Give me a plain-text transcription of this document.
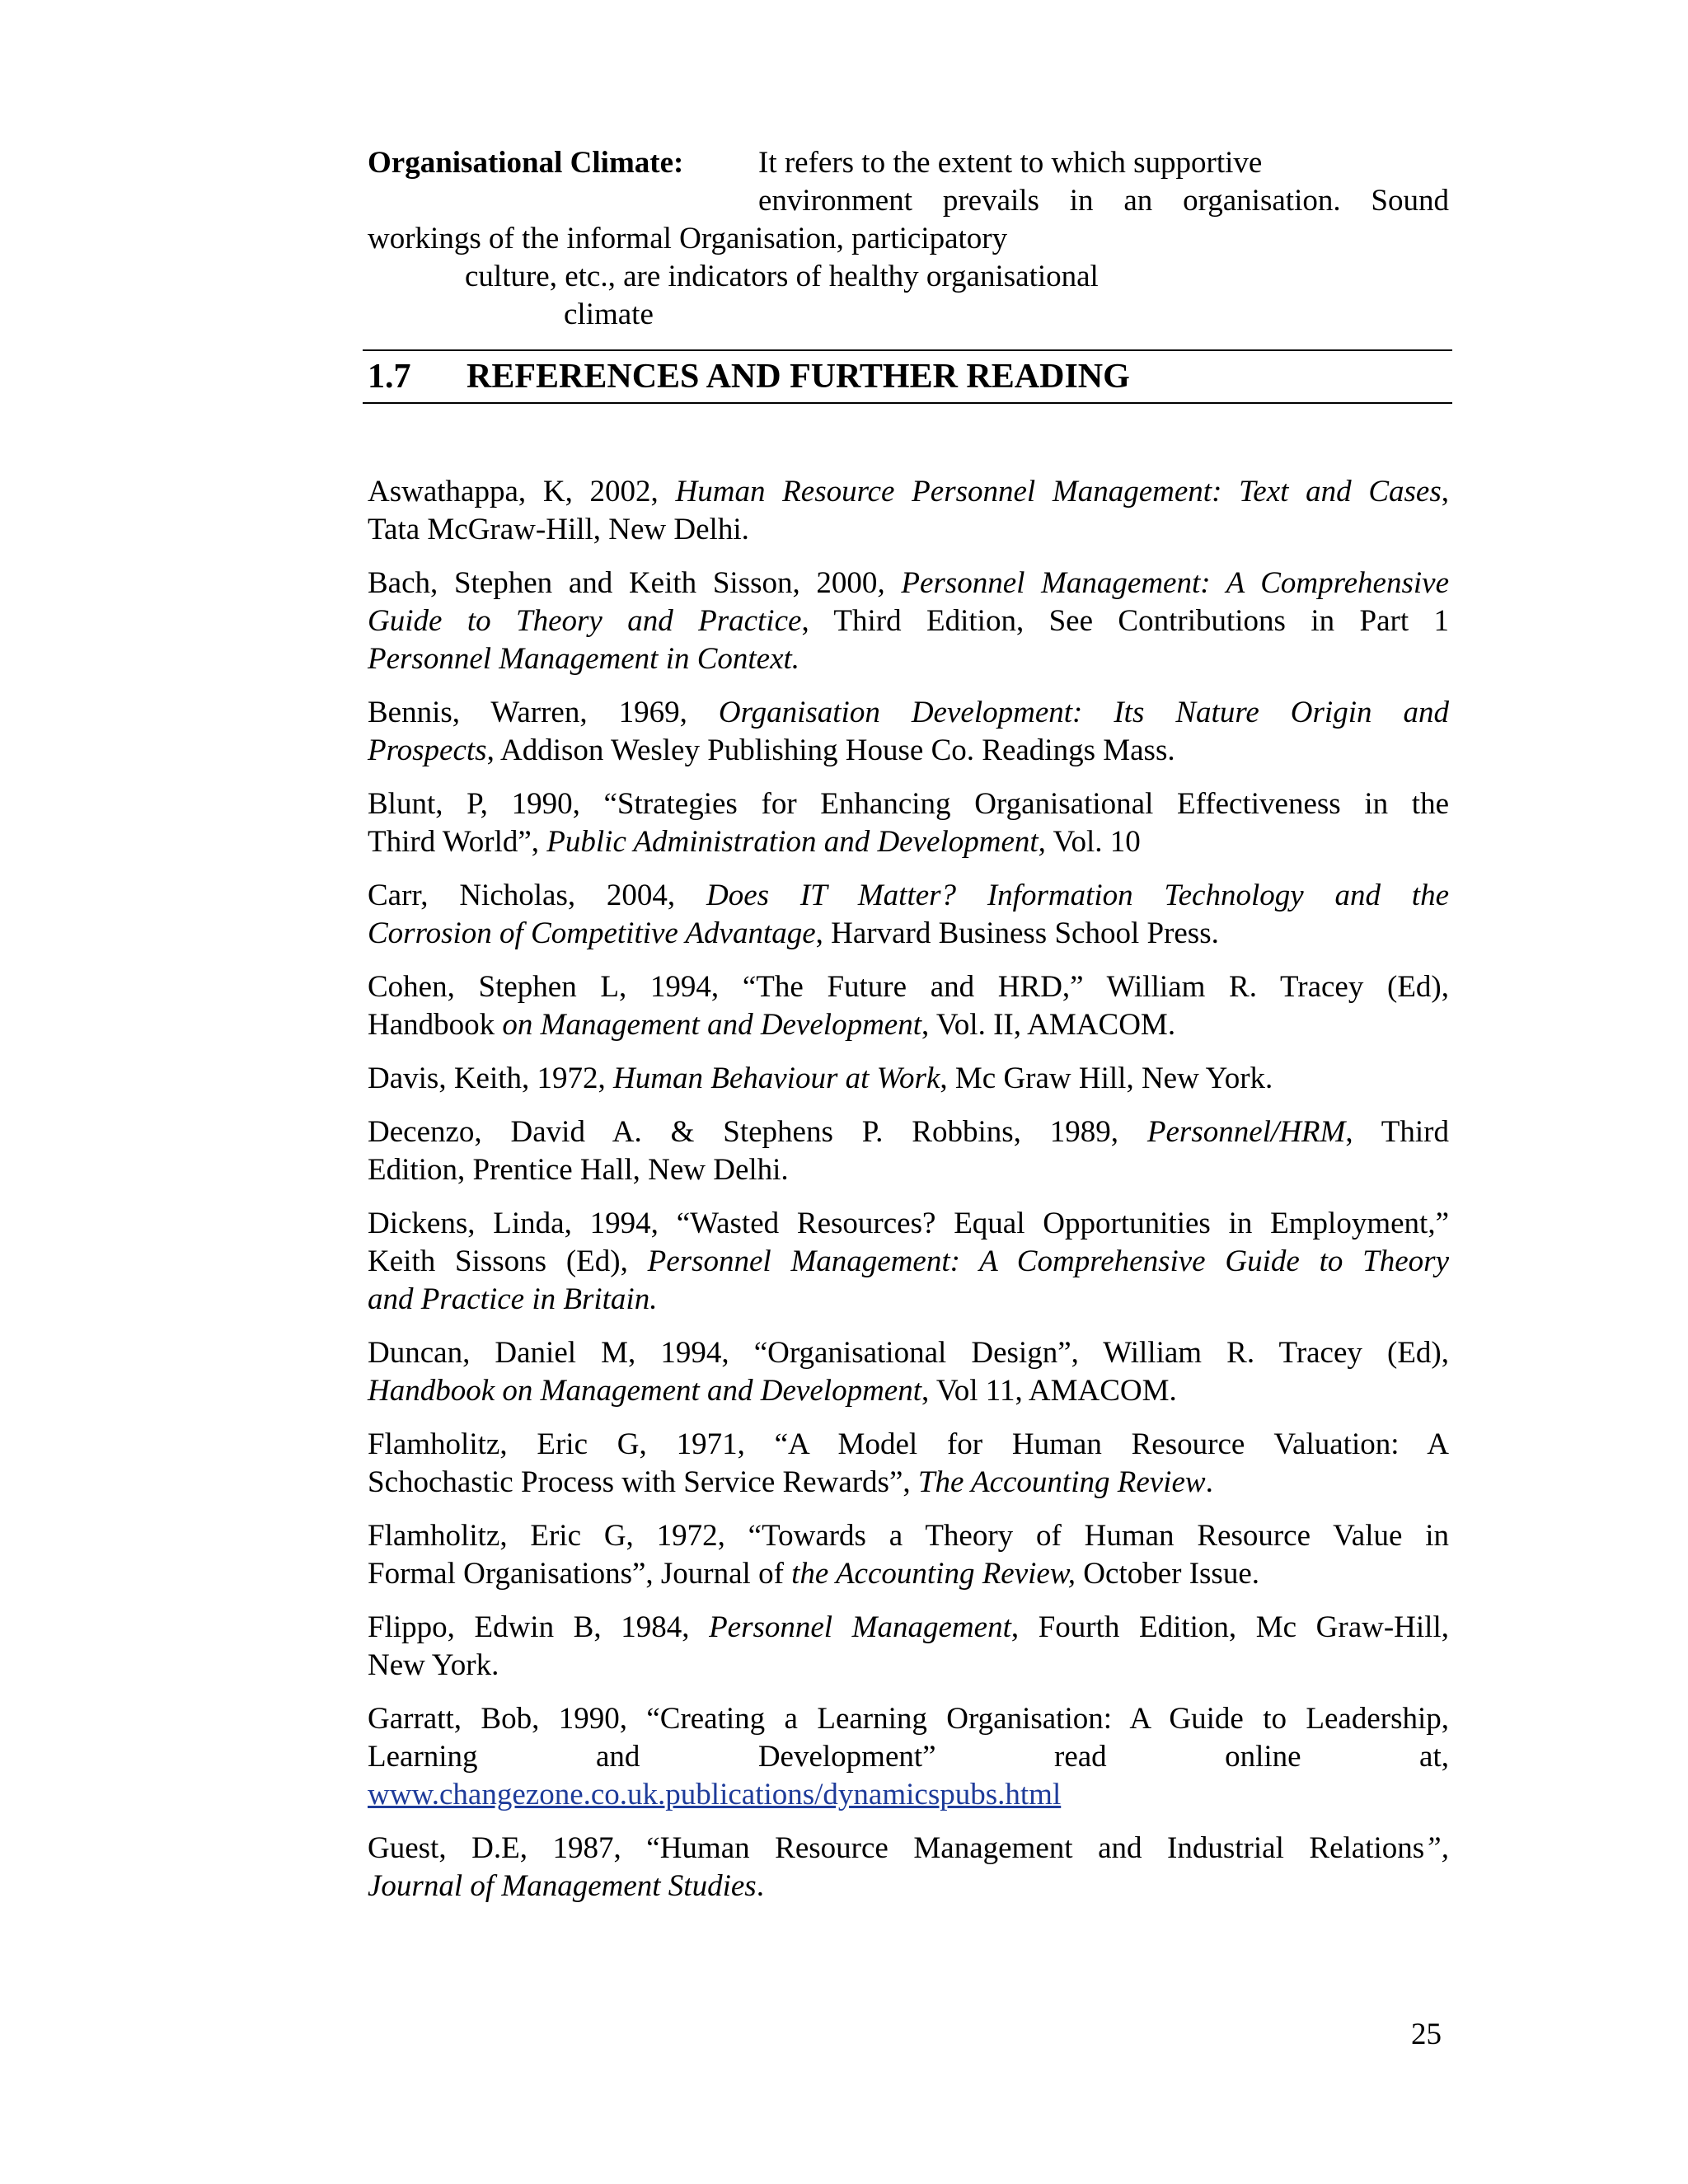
Organisational Climate:	It refers to the extent to which supportive
environment prevails in an organisation. Sound
workings of the informal Organisation, participatory
culture, etc., are indicators of healthy organisational
climate
1.7 REFERENCES AND FURTHER READING

Aswathappa, K, 2002, Human Resource Personnel Management: Text and Cases,
Tata McGraw-Hill, New Delhi.

Bach, Stephen and Keith Sisson, 2000, Personnel Management: A Comprehensive
Guide to Theory and Practice, Third Edition, See Contributions in Part 1
Personnel Management in Context.

Bennis, Warren, 1969, Organisation Development: Its Nature Origin and
Prospects, Addison Wesley Publishing House Co. Readings Mass.

Blunt, P, 1990, “Strategies for Enhancing Organisational Effectiveness in the
Third World”, Public Administration and Development, Vol. 10

Carr, Nicholas, 2004, Does IT Matter? Information Technology and the
Corrosion of Competitive Advantage, Harvard Business School Press.

Cohen, Stephen L, 1994, “The Future and HRD,” William R. Tracey (Ed),
Handbook on Management and Development, Vol. II, AMACOM.

Davis, Keith, 1972, Human Behaviour at Work, Mc Graw Hill, New York.

Decenzo, David A. & Stephens P. Robbins, 1989, Personnel/HRM, Third
Edition, Prentice Hall, New Delhi.

Dickens, Linda, 1994, “Wasted Resources? Equal Opportunities in Employment,”
Keith Sissons (Ed), Personnel Management: A Comprehensive Guide to Theory
and Practice in Britain.

Duncan, Daniel M, 1994, “Organisational Design”, William R. Tracey (Ed),
Handbook on Management and Development, Vol 11, AMACOM.

Flamholitz, Eric G, 1971, “A Model for Human Resource Valuation: A
Schochastic Process with Service Rewards”, The Accounting Review.

Flamholitz, Eric G, 1972, “Towards a Theory of Human Resource Value in
Formal Organisations”, Journal of the Accounting Review, October Issue.

Flippo, Edwin B, 1984, Personnel Management, Fourth Edition, Mc Graw-Hill,
New York.

Garratt, Bob, 1990, “Creating a Learning Organisation: A Guide to Leadership,
Learning and Development” read online at,
www.changezone.co.uk.publications/dynamicspubs.html

Guest, D.E, 1987, “Human Resource Management and Industrial Relations”,
Journal of Management Studies.

25
